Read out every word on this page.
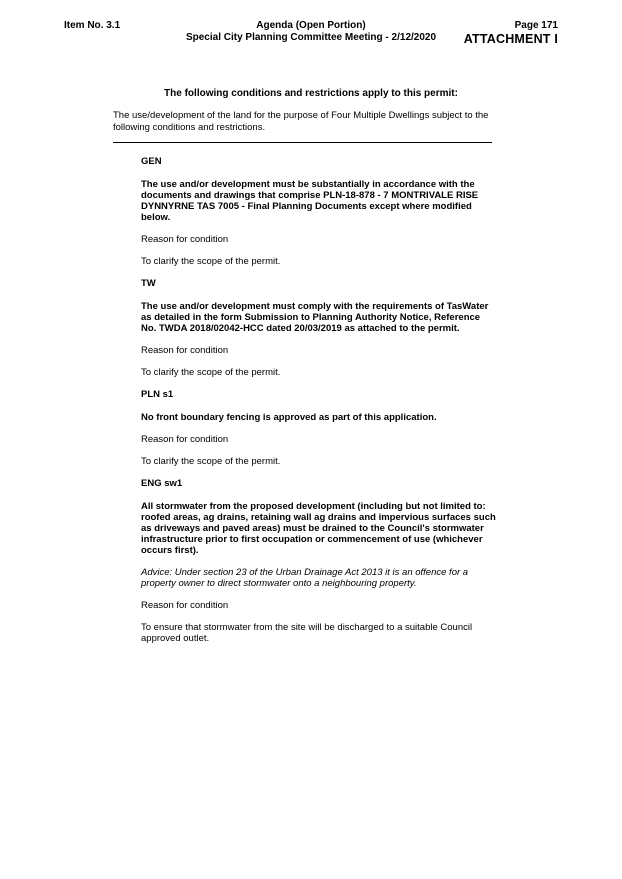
Item No. 3.1	Agenda (Open Portion)
Special City Planning Committee Meeting - 2/12/2020
Page 171
ATTACHMENT I
The following conditions and restrictions apply to this permit:
The use/development of the land for the purpose of Four Multiple Dwellings subject to the following conditions and restrictions.

GEN

The use and/or development must be substantially in accordance with the documents and drawings that comprise PLN-18-878 - 7 MONTRIVALE RISE DYNNYRNE TAS 7005 - Final Planning Documents except where modified below.

Reason for condition

To clarify the scope of the permit.

TW

The use and/or development must comply with the requirements of TasWater as detailed in the form Submission to Planning Authority Notice, Reference No. TWDA 2018/02042-HCC dated 20/03/2019 as attached to the permit.

Reason for condition

To clarify the scope of the permit.

PLN s1

No front boundary fencing is approved as part of this application.

Reason for condition

To clarify the scope of the permit.

ENG sw1

All stormwater from the proposed development (including but not limited to: roofed areas, ag drains, retaining wall ag drains and impervious surfaces such as driveways and paved areas) must be drained to the Council's stormwater infrastructure prior to first occupation or commencement of use (whichever occurs first).

Advice: Under section 23 of the Urban Drainage Act 2013 it is an offence for a property owner to direct stormwater onto a neighbouring property.

Reason for condition

To ensure that stormwater from the site will be discharged to a suitable Council approved outlet.
